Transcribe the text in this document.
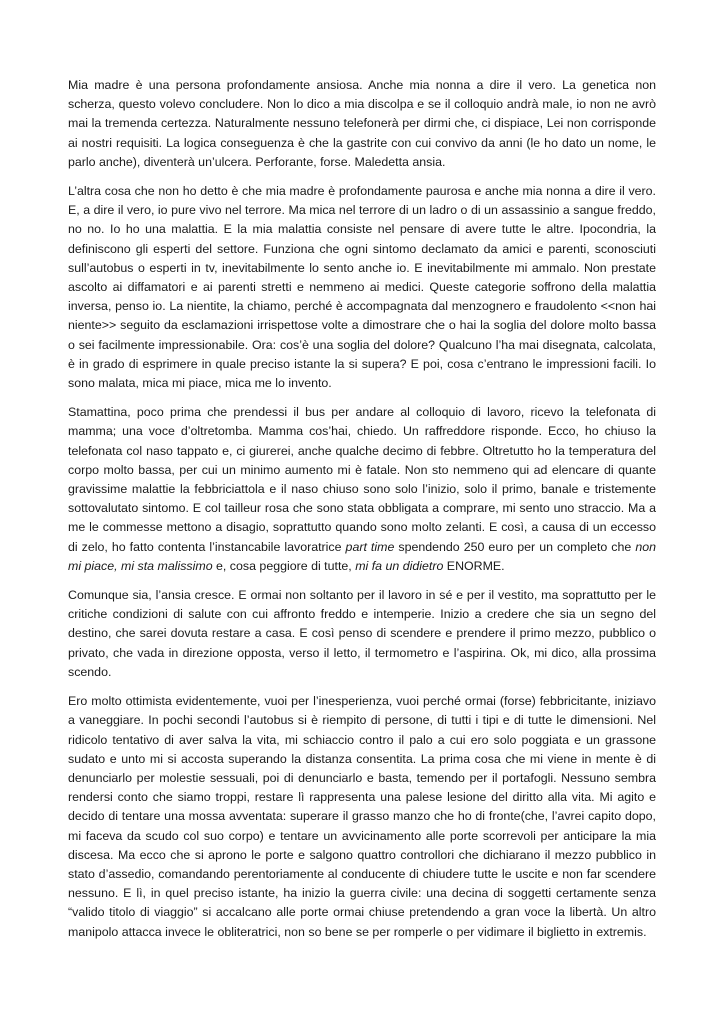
Mia madre è una persona profondamente ansiosa. Anche mia nonna a dire il vero. La genetica non scherza, questo volevo concludere. Non lo dico a mia discolpa e se il colloquio andrà male, io non ne avrò mai la tremenda certezza. Naturalmente nessuno telefonerà per dirmi che, ci dispiace, Lei non corrisponde ai nostri requisiti. La logica conseguenza è che la gastrite con cui convivo da anni (le ho dato un nome, le parlo anche), diventerà un’ulcera. Perforante, forse. Maledetta ansia.

L’altra cosa che non ho detto è che mia madre è profondamente paurosa e anche mia nonna a dire il vero. E, a dire il vero, io pure vivo nel terrore. Ma mica nel terrore di un ladro o di un assassinio a sangue freddo, no no. Io ho una malattia. E la mia malattia consiste nel pensare di avere tutte le altre. Ipocondria, la definiscono gli esperti del settore. Funziona che ogni sintomo declamato da amici e parenti, sconosciuti sull’autobus o esperti in tv, inevitabilmente lo sento anche io. E inevitabilmente mi ammalo. Non prestate ascolto ai diffamatori e ai parenti stretti e nemmeno ai medici. Queste categorie soffrono della malattia inversa, penso io. La nientite, la chiamo, perché è accompagnata dal menzognero e fraudolento <<non hai niente>> seguito da esclamazioni irrispettose volte a dimostrare che o hai la soglia del dolore molto bassa o sei facilmente impressionabile. Ora: cos’è una soglia del dolore? Qualcuno l’ha mai disegnata, calcolata, è in grado di esprimere in quale preciso istante la si supera? E poi, cosa c’entrano le impressioni facili. Io sono malata, mica mi piace, mica me lo invento.

Stamattina, poco prima che prendessi il bus per andare al colloquio di lavoro, ricevo la telefonata di mamma; una voce d’oltretomba. Mamma cos’hai, chiedo. Un raffreddore risponde. Ecco, ho chiuso la telefonata col naso tappato e, ci giurerei, anche qualche decimo di febbre. Oltretutto ho la temperatura del corpo molto bassa, per cui un minimo aumento mi è fatale. Non sto nemmeno qui ad elencare di quante gravissime malattie la febbriciattola e il naso chiuso sono solo l’inizio, solo il primo, banale e tristemente sottovalutato sintomo. E col tailleur rosa che sono stata obbligata a comprare, mi sento uno straccio. Ma a me le commesse mettono a disagio, soprattutto quando sono molto zelanti. E così, a causa di un eccesso di zelo, ho fatto contenta l’instancabile lavoratrice part time spendendo 250 euro per un completo che non mi piace, mi sta malissimo e, cosa peggiore di tutte, mi fa un didietro ENORME.

Comunque sia, l’ansia cresce. E ormai non soltanto per il lavoro in sé e per il vestito, ma soprattutto per le critiche condizioni di salute con cui affronto freddo e intemperie. Inizio a credere che sia un segno del destino, che sarei dovuta restare a casa. E così penso di scendere e prendere il primo mezzo, pubblico o privato, che vada in direzione opposta, verso il letto, il termometro e l’aspirina. Ok, mi dico, alla prossima scendo.

Ero molto ottimista evidentemente, vuoi per l’inesperienza, vuoi perché ormai (forse) febbricitante, iniziavo a vaneggiare. In pochi secondi l’autobus si è riempito di persone, di tutti i tipi e di tutte le dimensioni. Nel ridicolo tentativo di aver salva la vita, mi schiaccio contro il palo a cui ero solo poggiata e un grassone sudato e unto mi si accosta superando la distanza consentita. La prima cosa che mi viene in mente è di denunciarlo per molestie sessuali, poi di denunciarlo e basta, temendo per il portafogli. Nessuno sembra rendersi conto che siamo troppi, restare lì rappresenta una palese lesione del diritto alla vita. Mi agito e decido di tentare una mossa avventata: superare il grasso manzo che ho di fronte(che, l’avrei capito dopo, mi faceva da scudo col suo corpo) e tentare un avvicinamento alle porte scorrevoli per anticipare la mia discesa. Ma ecco che si aprono le porte e salgono quattro controllori che dichiarano il mezzo pubblico in stato d’assedio, comandando perentoriamente al conducente di chiudere tutte le uscite e non far scendere nessuno. E lì, in quel preciso istante, ha inizio la guerra civile: una decina di soggetti certamente senza “valido titolo di viaggio” si accalcano alle porte ormai chiuse pretendendo a gran voce la libertà. Un altro manipolo attacca invece le obliteratrici, non so bene se per romperle o per vidimare il biglietto in extremis.
